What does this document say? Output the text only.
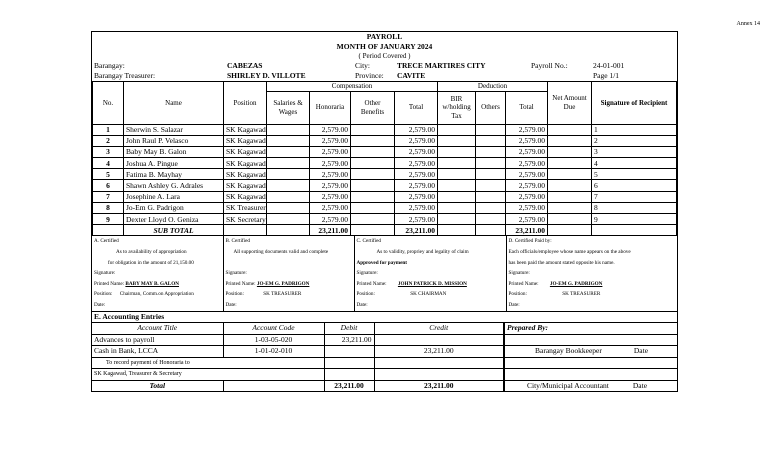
Annex 14
PAYROLL
MONTH OF JANUARY 2024
( Period Covered )
Barangay:	CABEZAS	City:	TRECE MARTIRES CITY	Payroll No.:	24-01-001
Barangay Treasurer:	SHIRLEY D. VILLOTE	Province:	CAVITE		Page 1/1
No.	Name	Position	Compensation				Deduction			Net Amount Due	Signature of Recipient
			Salaries & Wages	Honoraria	Other Benefits	Total	BIR w/holding Tax	Others	Total		
1	Sherwin S. Salazar	SK Kagawad		2,579.00		2,579.00			2,579.00		1
2	John Raul P. Velasco	SK Kagawad		2,579.00		2,579.00			2,579.00		2
3	Baby May B. Galon	SK Kagawad		2,579.00		2,579.00			2,579.00		3
4	Joshua A. Pingue	SK Kagawad		2,579.00		2,579.00			2,579.00		4
5	Fatima B. Mayhay	SK Kagawad		2,579.00		2,579.00			2,579.00		5
6	Shawn Ashley G. Adrales	SK Kagawad		2,579.00		2,579.00			2,579.00		6
7	Josephine A. Lara	SK Kagawad		2,579.00		2,579.00			2,579.00		7
8	Jo-Em G. Padrigon	SK Treasurer		2,579.00		2,579.00			2,579.00		8
9	Dexter Lloyd O. Geniza	SK Secretary		2,579.00		2,579.00			2,579.00		9
	SUB TOTAL			23,211.00		23,211.00			23,211.00		
A. Certified
As to availability of appropriation
for obligation in the amount of 21,150.00
Signature:
Printed Name: BABY MAY B. GALON
Position: Chairman, Comm.on Appropriation
Date:

B. Certified
All supporting documents valid and complete

Signature:
Printed Name: JO-EM G. PADRIGON
Position:	SK TREASURER
Date:

C. Certified
As to validity, propriey and legality of claim
Approved for payment
Signature:
Printed Name: JOHN PATRICK D. MISSION
Position:	SK CHAIRMAN
Date:

D. Certified Paid by:
Each officials/employee whose name appears on the above
has been paid the amount stated opposite his name.
Signature:
Printed Name: JO-EM G. PADRIGON
Position:	SK TREASURER
Date:
E. Accounting Entries				
Account Title	Account Code	Debit	Credit	Prepared By:
Advances to payroll	1-03-05-020	23,211.00		
Cash in Bank, LCCA	1-01-02-010		23,211.00	Barangay Bookkeeper Date
To record payment of Honoraria to				
SK Kagawad, Treasurer & Secretary				
Total		23,211.00	23,211.00	City/Municipal Accountant Date
